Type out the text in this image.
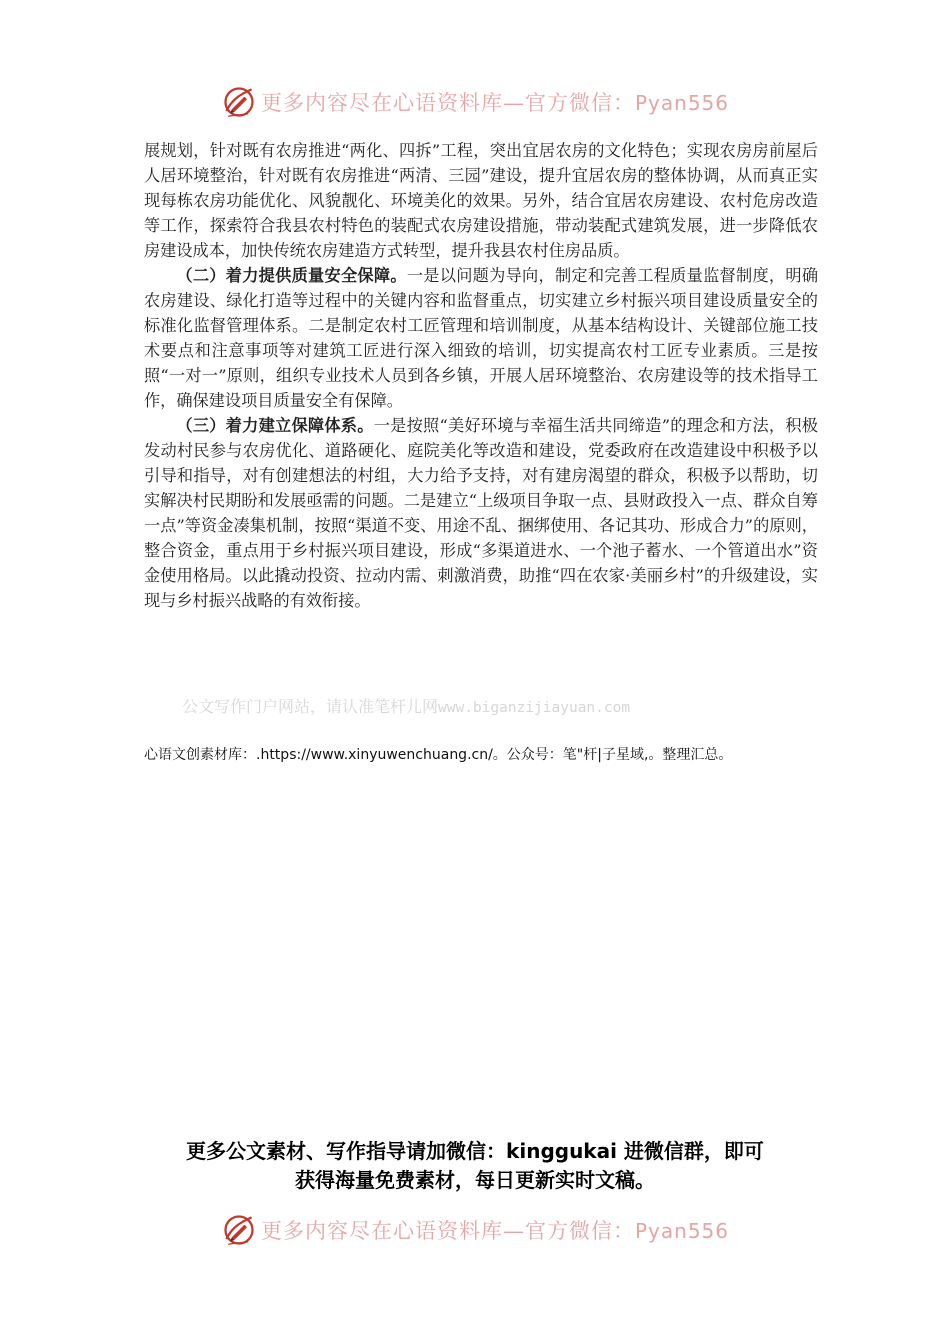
更多内容尽在心语资料库—官方微信：Pyan556

展规划，针对既有农房推进“两化、四拆”工程，突出宜居农房的文化特色；实现农房房前屋后人居环境整治，针对既有农房推进“两清、三园”建设，提升宜居农房的整体协调，从而真正实现每栋农房功能优化、风貌靓化、环境美化的效果。另外，结合宜居农房建设、农村危房改造等工作，探索符合我县农村特色的装配式农房建设措施，带动装配式建筑发展，进一步降低农房建设成本，加快传统农房建造方式转型，提升我县农村住房品质。

（二）着力提供质量安全保障。一是以问题为导向，制定和完善工程质量监督制度，明确农房建设、绿化打造等过程中的关键内容和监督重点，切实建立乡村振兴项目建设质量安全的标准化监督管理体系。二是制定农村工匠管理和培训制度，从基本结构设计、关键部位施工技术要点和注意事项等对建筑工匠进行深入细致的培训，切实提高农村工匠专业素质。三是按照“一对一”原则，组织专业技术人员到各乡镇，开展人居环境整治、农房建设等的技术指导工作，确保建设项目质量安全有保障。

（三）着力建立保障体系。一是按照“美好环境与幸福生活共同缔造”的理念和方法，积极发动村民参与农房优化、道路硬化、庭院美化等改造和建设，党委政府在改造建设中积极予以引导和指导，对有创建想法的村组，大力给予支持，对有建房渴望的群众，积极予以帮助，切实解决村民期盼和发展亟需的问题。二是建立“上级项目争取一点、县财政投入一点、群众自筹一点”等资金凑集机制，按照“渠道不变、用途不乱、捆绑使用、各记其功、形成合力”的原则，整合资金，重点用于乡村振兴项目建设，形成“多渠道进水、一个池子蓄水、一个管道出水”资金使用格局。以此撬动投资、拉动内需、刺激消费，助推“四在农家·美丽乡村”的升级建设，实现与乡村振兴战略的有效衔接。

公文写作门户网站，请认准笔杆儿网www.biganzijiayuan.com
心语文创素材库：.https://www.xinyuwenchuang.cn/。公众号：笔"杆|子星域,。整理汇总。
更多公文素材、写作指导请加微信：kinggukai 进微信群，即可
获得海量免费素材，每日更新实时文稿。
更多内容尽在心语资料库—官方微信：Pyan556
